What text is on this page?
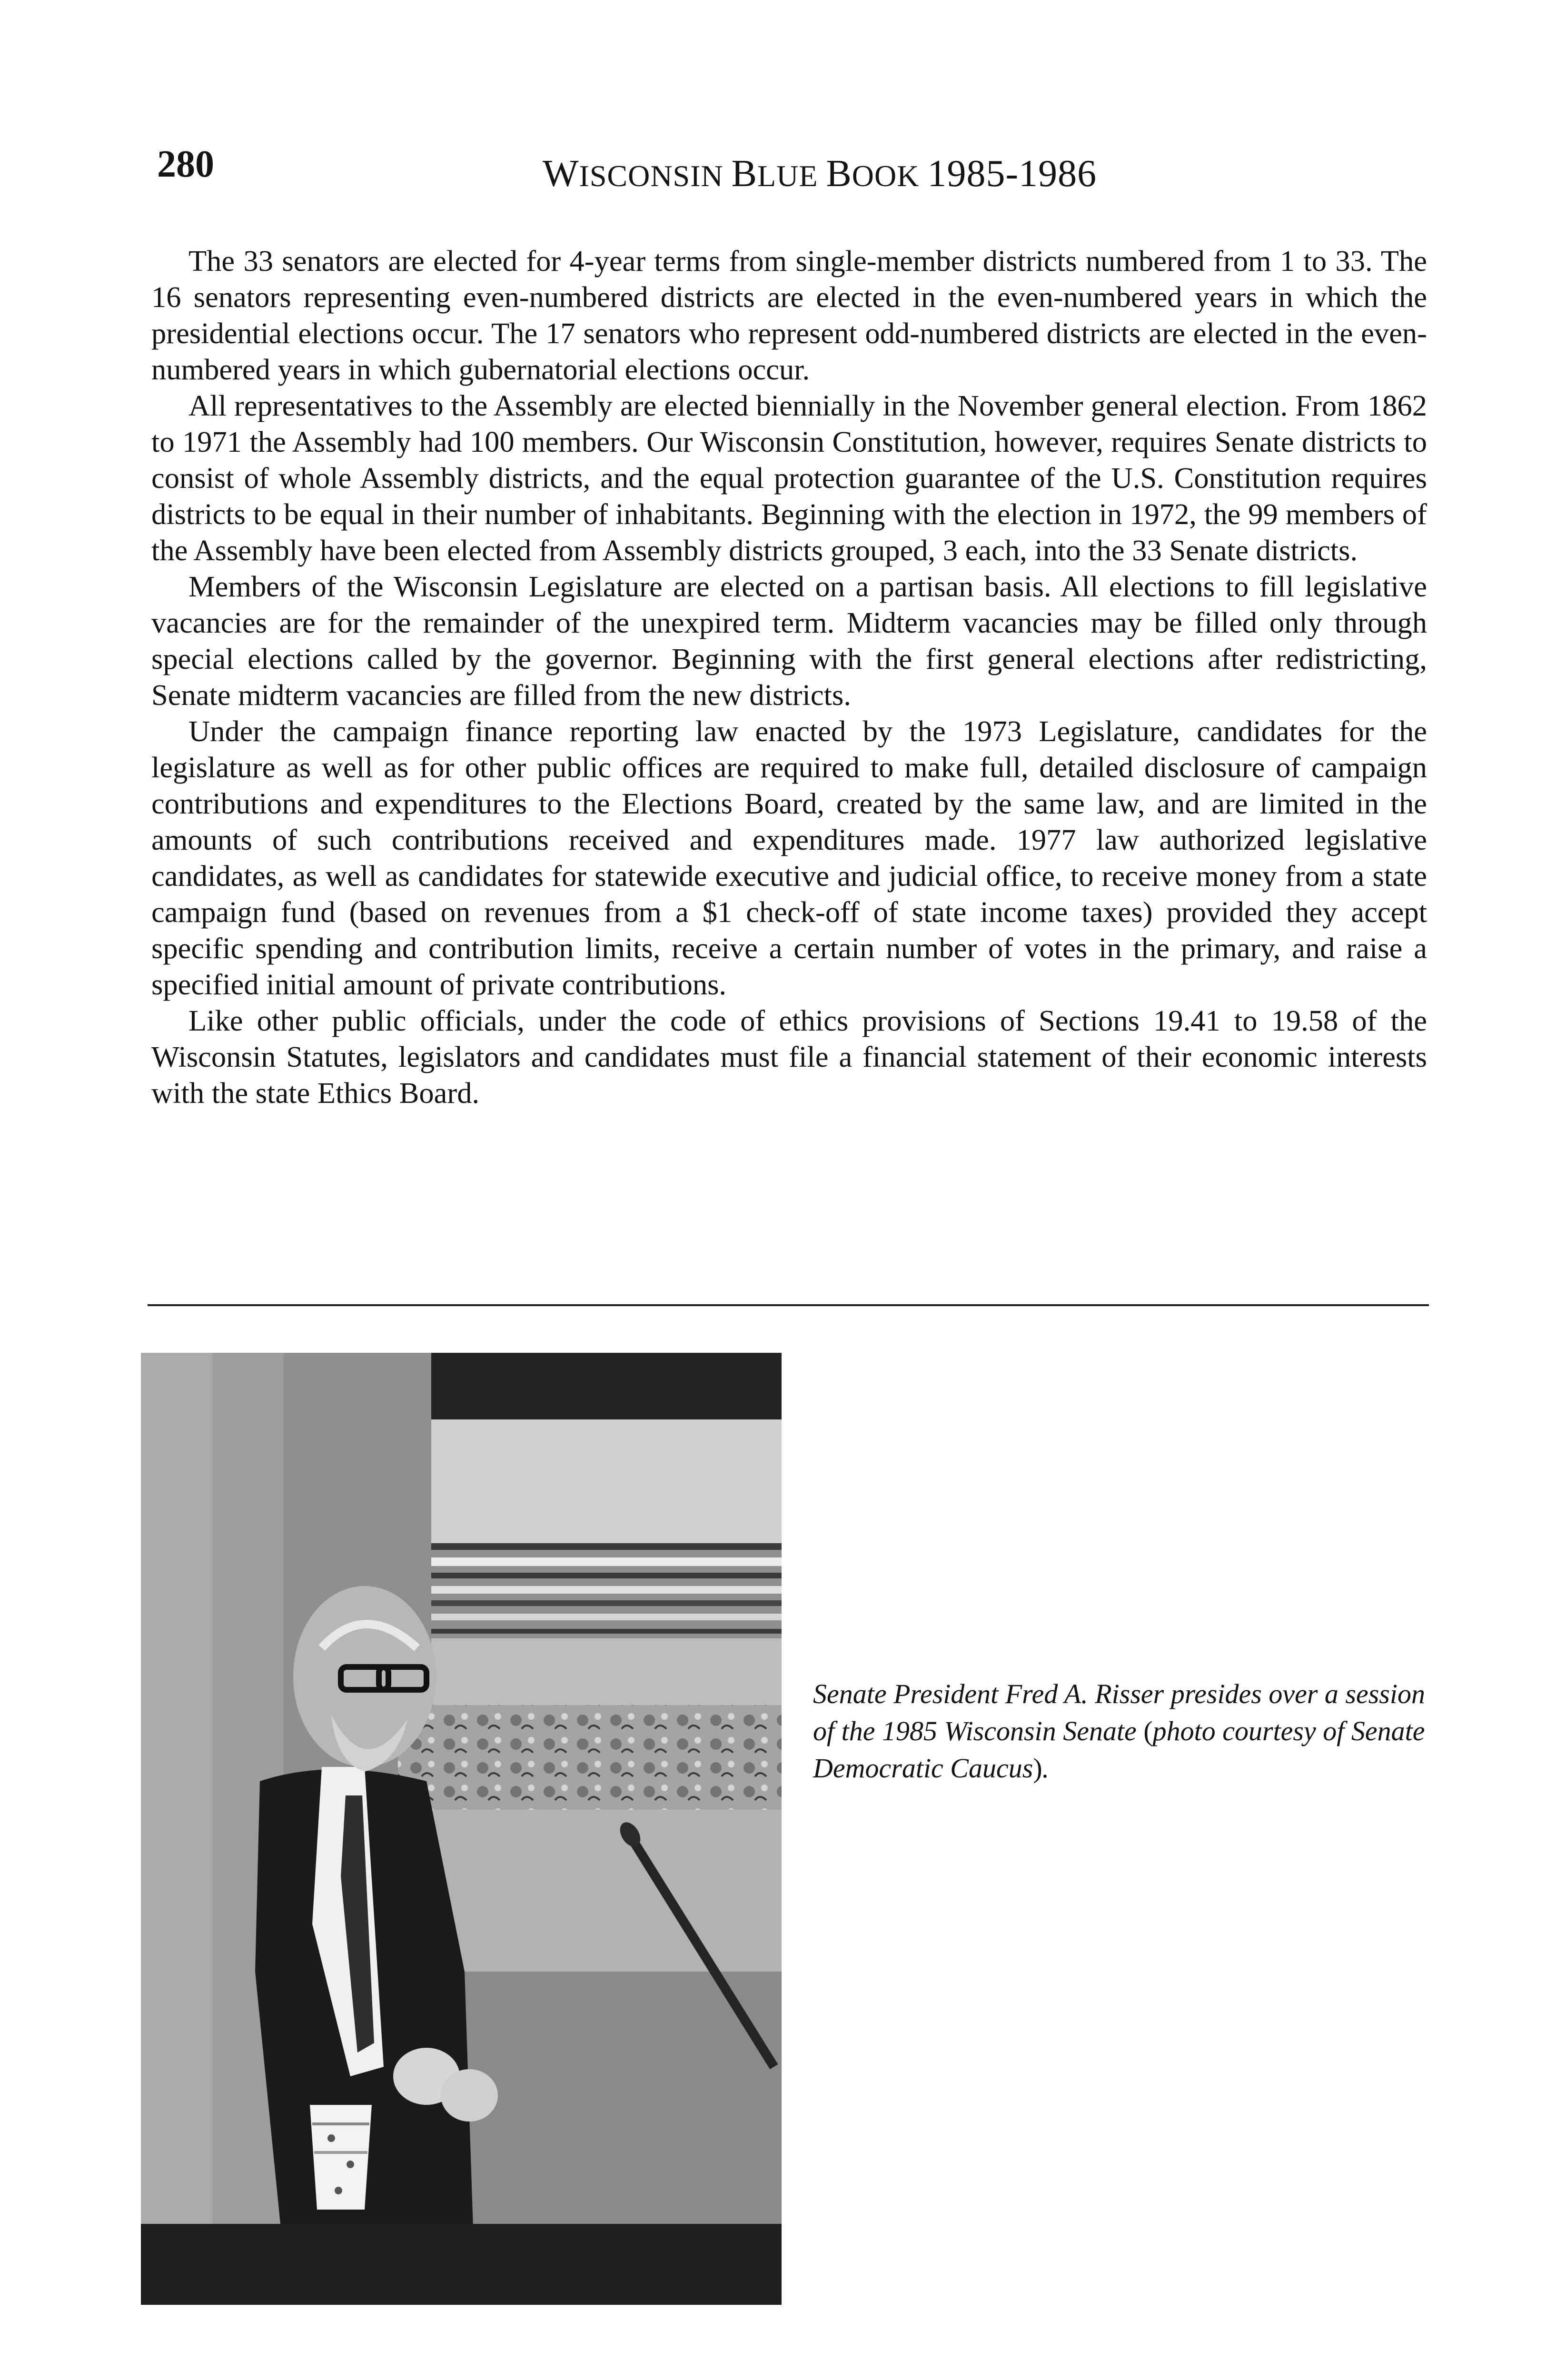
280	WISCONSIN BLUE BOOK 1985-1986

The 33 senators are elected for 4-year terms from single-member districts numbered from 1 to 33. The 16 senators representing even-numbered districts are elected in the even-numbered years in which the presidential elections occur. The 17 senators who represent odd-numbered districts are elected in the even-numbered years in which gubernatorial elections occur.

All representatives to the Assembly are elected biennially in the November general election. From 1862 to 1971 the Assembly had 100 members. Our Wisconsin Constitution, however, requires Senate districts to consist of whole Assembly districts, and the equal protection guarantee of the U.S. Constitution requires districts to be equal in their number of inhabitants. Beginning with the election in 1972, the 99 members of the Assembly have been elected from Assembly districts grouped, 3 each, into the 33 Senate districts.

Members of the Wisconsin Legislature are elected on a partisan basis. All elections to fill legislative vacancies are for the remainder of the unexpired term. Midterm vacancies may be filled only through special elections called by the governor. Beginning with the first general elections after redistricting, Senate midterm vacancies are filled from the new districts.

Under the campaign finance reporting law enacted by the 1973 Legislature, candidates for the legislature as well as for other public offices are required to make full, detailed disclosure of campaign contributions and expenditures to the Elections Board, created by the same law, and are limited in the amounts of such contributions received and expenditures made. 1977 law authorized legislative candidates, as well as candidates for statewide executive and judicial office, to receive money from a state campaign fund (based on revenues from a $1 check-off of state income taxes) provided they accept specific spending and contribution limits, receive a certain number of votes in the primary, and raise a specified initial amount of private contributions.

Like other public officials, under the code of ethics provisions of Sections 19.41 to 19.58 of the Wisconsin Statutes, legislators and candidates must file a financial statement of their economic interests with the state Ethics Board.

Senate President Fred A. Risser presides over a session of the 1985 Wisconsin Senate (photo courtesy of Senate Democratic Caucus).
